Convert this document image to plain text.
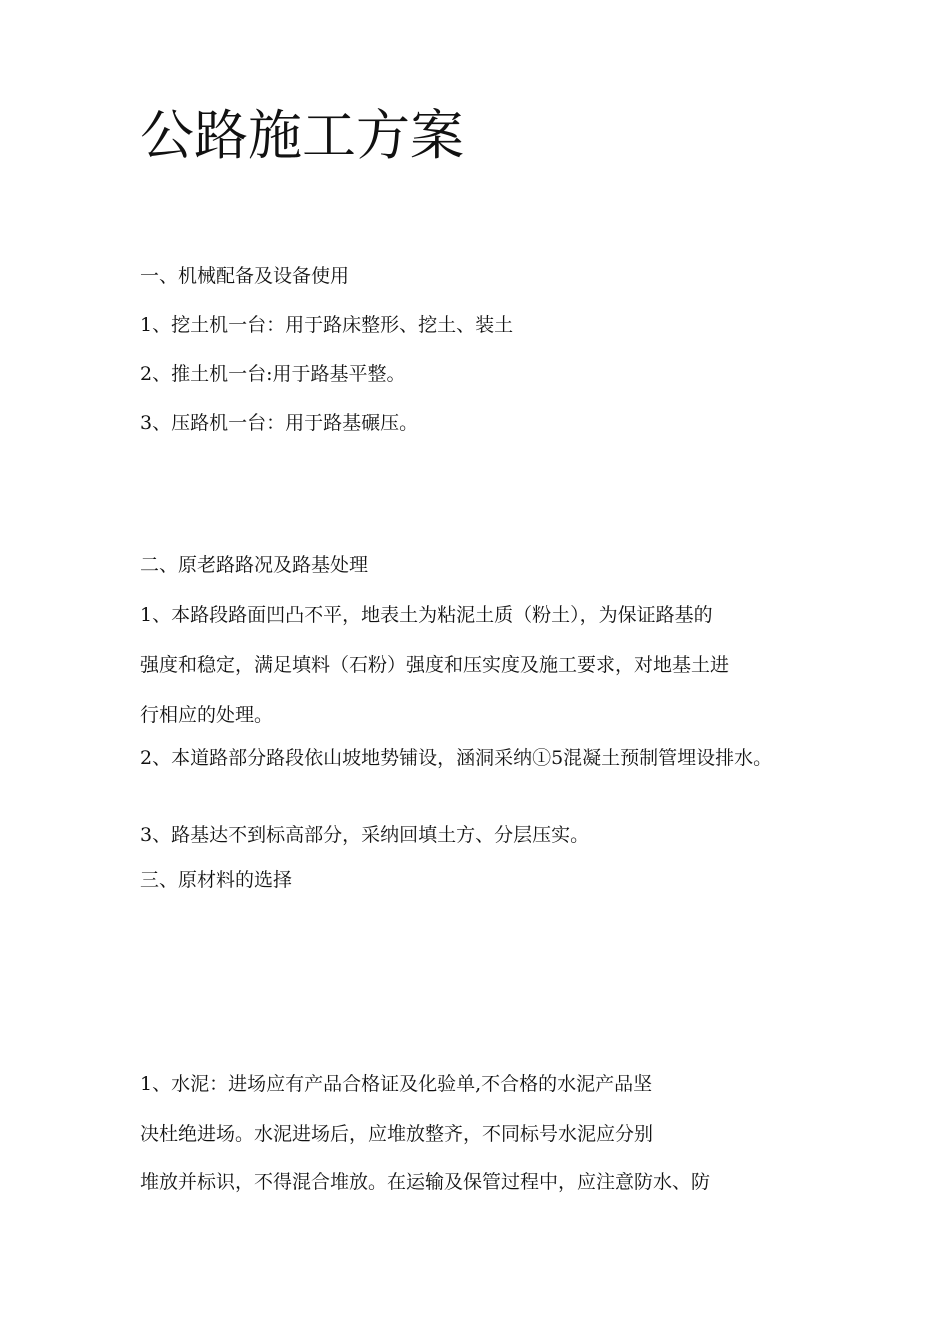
公路施工方案
一、机械配备及设备使用
1、挖土机一台：用于路床整形、挖土、装土
2、推土机一台:用于路基平整。
3、压路机一台：用于路基碾压。
二、原老路路况及路基处理
1、本路段路面凹凸不平，地表土为粘泥土质（粉土），为保证路基的
强度和稳定，满足填料（石粉）强度和压实度及施工要求，对地基土进
行相应的处理。
2、本道路部分路段依山坡地势铺设，涵洞采纳①5混凝土预制管埋设排水。
3、路基达不到标高部分，采纳回填土方、分层压实。
三、原材料的选择
1、水泥：进场应有产品合格证及化验单,不合格的水泥产品坚
决杜绝进场。水泥进场后，应堆放整齐，不同标号水泥应分别
堆放并标识，不得混合堆放。在运输及保管过程中，应注意防水、防
